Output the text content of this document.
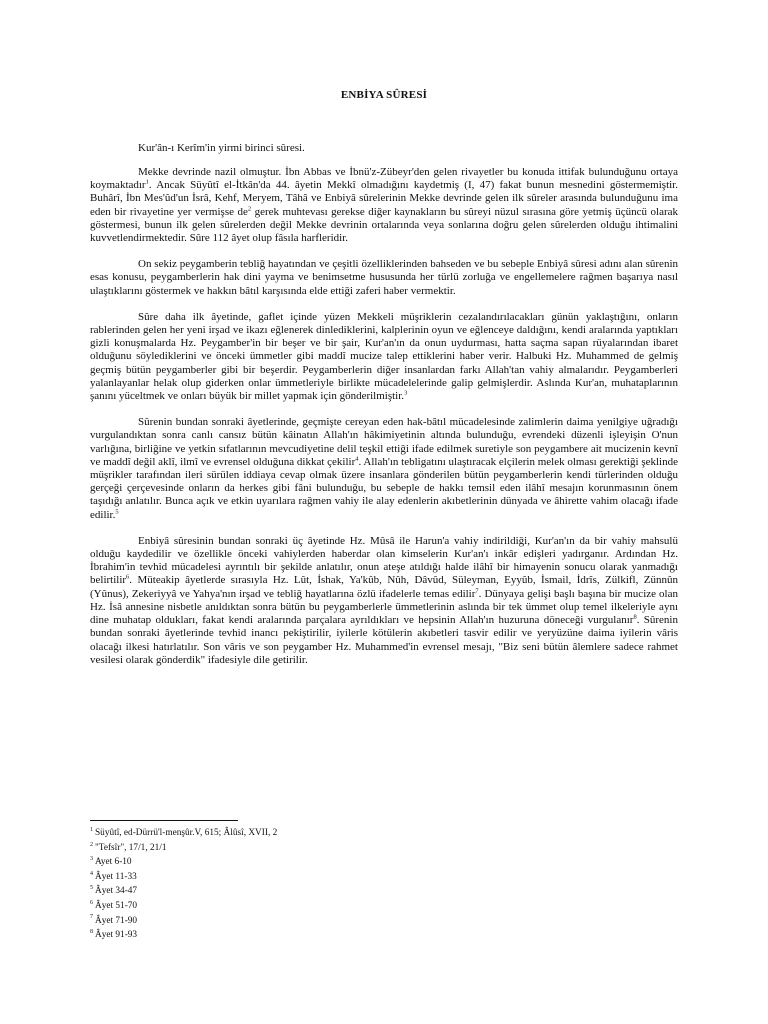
ENBİYA SÛRESİ

Kur'ân-ı Kerîm'in yirmi birinci sûresi.

Mekke devrinde nazil olmuştur. İbn Abbas ve İbnü'z-Zübeyr'den gelen rivayetler bu konuda ittifak bulunduğunu ortaya koymaktadır$^1$. Ancak Süyûtî el-İtkân'da 44. âyetin Mekkî olmadığını kaydetmiş (I, 47) fakat bunun mesnedini göstermemiştir. Buhârî, İbn Mes'ûd'un İsrâ, Kehf, Meryem, Tâhâ ve Enbiyâ sûrelerinin Mekke devrinde gelen ilk sûreler arasında bulunduğunu ima eden bir rivayetine yer vermişse $de^2$ gerek muhtevası gerekse diğer kaynakların bu sûreyi nüzul sırasına göre yetmiş üçüncü olarak göstermesi, bunun ilk gelen sûrelerden değil Mekke devrinin ortalarında veya sonlarına doğru gelen sûrelerden olduğu ihtimalini kuvvetlendirmektedir. Sûre 112 âyet olup fâsıla harfleridir.

On sekiz peygamberin tebliğ hayatından ve çeşitli özelliklerinden bahseden ve bu sebeple Enbiyâ sûresi adını alan sûrenin esas konusu, peygamberlerin hak dini yayma ve benimsetme hususunda her türlü zorluğa ve engellemelere rağmen başarıya nasıl ulaştıklarını göstermek ve hakkın bâtıl karşısında elde ettiği zaferi haber vermektir.

Sûre daha ilk âyetinde, gaflet içinde yüzen Mekkeli müşriklerin cezalandırılacakları günün yaklaştığını, onların rablerinden gelen her yeni irşad ve ikazı eğlenerek dinlediklerini, kalplerinin oyun ve eğlenceye daldığını, kendi aralarında yaptıkları gizli konuşmalarda Hz. Peygamber'in bir beşer ve bir şair, Kur'an'ın da onun uydurması, hatta saçma sapan rüyalarından ibaret olduğunu söylediklerini ve önceki ümmetler gibi maddî mucize talep ettiklerini haber verir. Halbuki Hz. Muhammed de gelmiş geçmiş bütün peygamberler gibi bir beşerdir. Peygamberlerin diğer insanlardan farkı Allah'tan vahiy almalarıdır. Peygamberleri yalanlayanlar helak olup giderken onlar ümmetleriyle birlikte mücadelelerinde galip gelmişlerdir. Aslında Kur'an, muhataplarının şanını yüceltmek ve onları büyük bir millet yapmak için gönderilmiştir.$^3$

Sûrenin bundan sonraki âyetlerinde, geçmişte cereyan eden hak-bâtıl mücadelesinde zalimlerin daima yenilgiye uğradığı vurgulandıktan sonra canlı cansız bütün kâinatın Allah'ın hâkimiyetinin altında bulunduğu, evrendeki düzenli işleyişin O'nun varlığına, birliğine ve yetkin sıfatlarının mevcudiyetine delil teşkil ettiği ifade edilmek suretiyle son peygambere ait mucizenin kevnî ve maddî değil aklî, ilmî ve evrensel olduğuna dikkat çekilir$^4$. Allah'ın tebligatını ulaştıracak elçilerin melek olması gerektiği şeklinde müşrikler tarafından ileri sürülen iddiaya cevap olmak üzere insanlara gönderilen bütün peygamberlerin kendi türlerinden olduğu gerçeği çerçevesinde onların da herkes gibi fâni bulunduğu, bu sebeple de hakkı temsil eden ilâhî mesajın korunmasının önem taşıdığı anlatılır. Bunca açık ve etkin uyarılara rağmen vahiy ile alay edenlerin akıbetlerinin dünyada ve âhirette vahim olacağı ifade edilir.$^5$

Enbiyâ sûresinin bundan sonraki üç âyetinde Hz. Mûsâ ile Harun'a vahiy indirildiği, Kur'an'ın da bir vahiy mahsulü olduğu kaydedilir ve özellikle önceki vahiylerden haberdar olan kimselerin Kur'an'ı inkâr edişleri yadırganır. Ardından Hz. İbrahim'in tevhid mücadelesi ayrıntılı bir şekilde anlatılır, onun ateşe atıldığı halde ilâhî bir himayenin sonucu olarak yanmadığı belirtilir$^6$. Müteakip âyetlerde sırasıyla Hz. Lût, İshak, Ya'kûb, Nûh, Dâvûd, Süleyman, Eyyûb, İsmail, İdrîs, Zülkifl, Zünnûn (Yûnus), Zekeriyyâ ve Yahya'nın irşad ve tebliğ hayatlarına özlü ifadelerle temas edilir$^7$. Dünyaya gelişi başlı başına bir mucize olan Hz. İsâ annesine nisbetle anıldıktan sonra bütün bu peygamberlerle ümmetlerinin aslında bir tek ümmet olup temel ilkeleriyle aynı dine muhatap oldukları, fakat kendi aralarında parçalara ayrıldıkları ve hepsinin Allah'ın huzuruna döneceği vurgulanır$^8$. Sûrenin bundan sonraki âyetlerinde tevhid inancı pekiştirilir, iyilerle kötülerin akıbetleri tasvir edilir ve yeryüzüne daima iyilerin vâris olacağı ilkesi hatırlatılır. Son vâris ve son peygamber Hz. Muhammed'in evrensel mesajı, "Biz seni bütün âlemlere sadece rahmet vesilesi olarak gönderdik" ifadesiyle dile getirilir.

$^1$ Süyûtî, ed-Dürrü'l-menşûr.V, 615; Âlûsî, XVII, 2
$^2$ "Tefsîr", 17/1, 21/1
$^3$ Ayet 6-10
$^4$ Âyet 11-33
$^5$ Âyet 34-47
$^6$ Âyet 51-70
$^7$ Âyet 71-90
$^8$ Âyet 91-93
